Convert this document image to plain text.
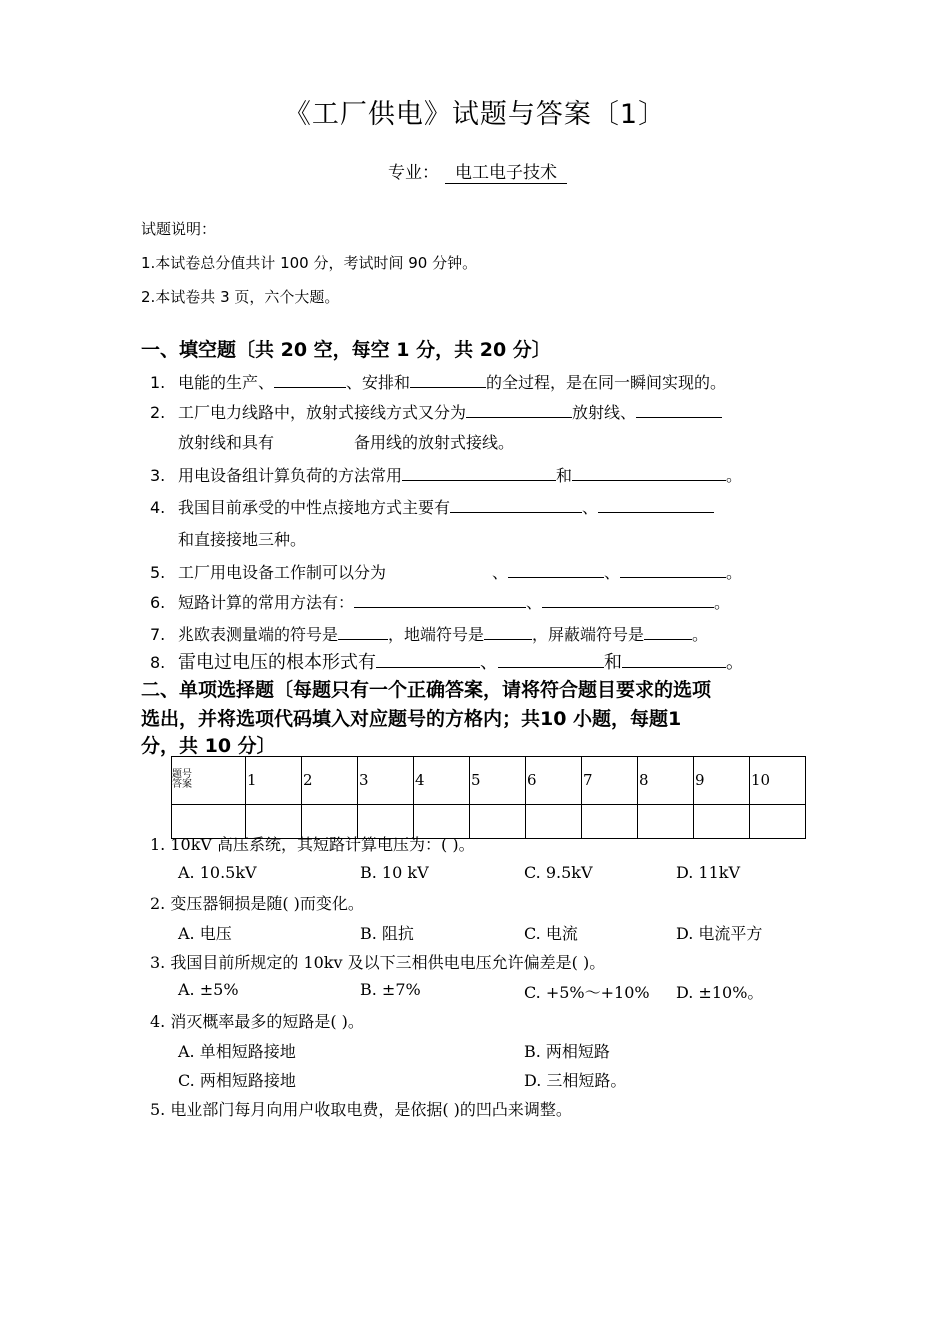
《工厂供电》试题与答案〔1〕
专业： 电工电子技术
试题说明：
1.本试卷总分值共计 100 分，考试时间 90 分钟。
2.本试卷共 3 页，六个大题。
一、填空题〔共 20 空，每空 1 分，共 20 分〕
1. 电能的生产、	、安排和	的全过程，是在同一瞬间实现的。
2. 工厂电力线路中，放射式接线方式又分为	放射线、
放射线和具有	备用线的放射式接线。
3. 用电设备组计算负荷的方法常用	和	。
4. 我国目前承受的中性点接地方式主要有	、
和直接接地三种。
5. 工厂用电设备工作制可以分为	、	、	。
6. 短路计算的常用方法有：	、	。
7. 兆欧表测量端的符号是	，地端符号是	，屏蔽端符号是	。
8. 雷电过电压的根本形式有	、	和	。
二、单项选择题〔每题只有一个正确答案，请将符合题目要求的选项
选出，并将选项代码填入对应题号的方格内；共10 小题，每题1
分，共 10 分〕
题号
答案	1	2	3	4	5	6	7	8	9	10

1. 10kV 高压系统，其短路计算电压为：( )。
A. 10.5kV	B. 10 kV	C. 9.5kV	D. 11kV
2. 变压器铜损是随( )而变化。
A. 电压	B. 阻抗	C. 电流	D. 电流平方
3. 我国目前所规定的 10kv 及以下三相供电电压允许偏差是( )。
A. ±5%	B. ±7%	C. +5%～+10% D. ±10%。
4. 消灭概率最多的短路是( )。
A. 单相短路接地	B. 两相短路
C. 两相短路接地	D. 三相短路。
5. 电业部门每月向用户收取电费，是依据( )的凹凸来调整。
